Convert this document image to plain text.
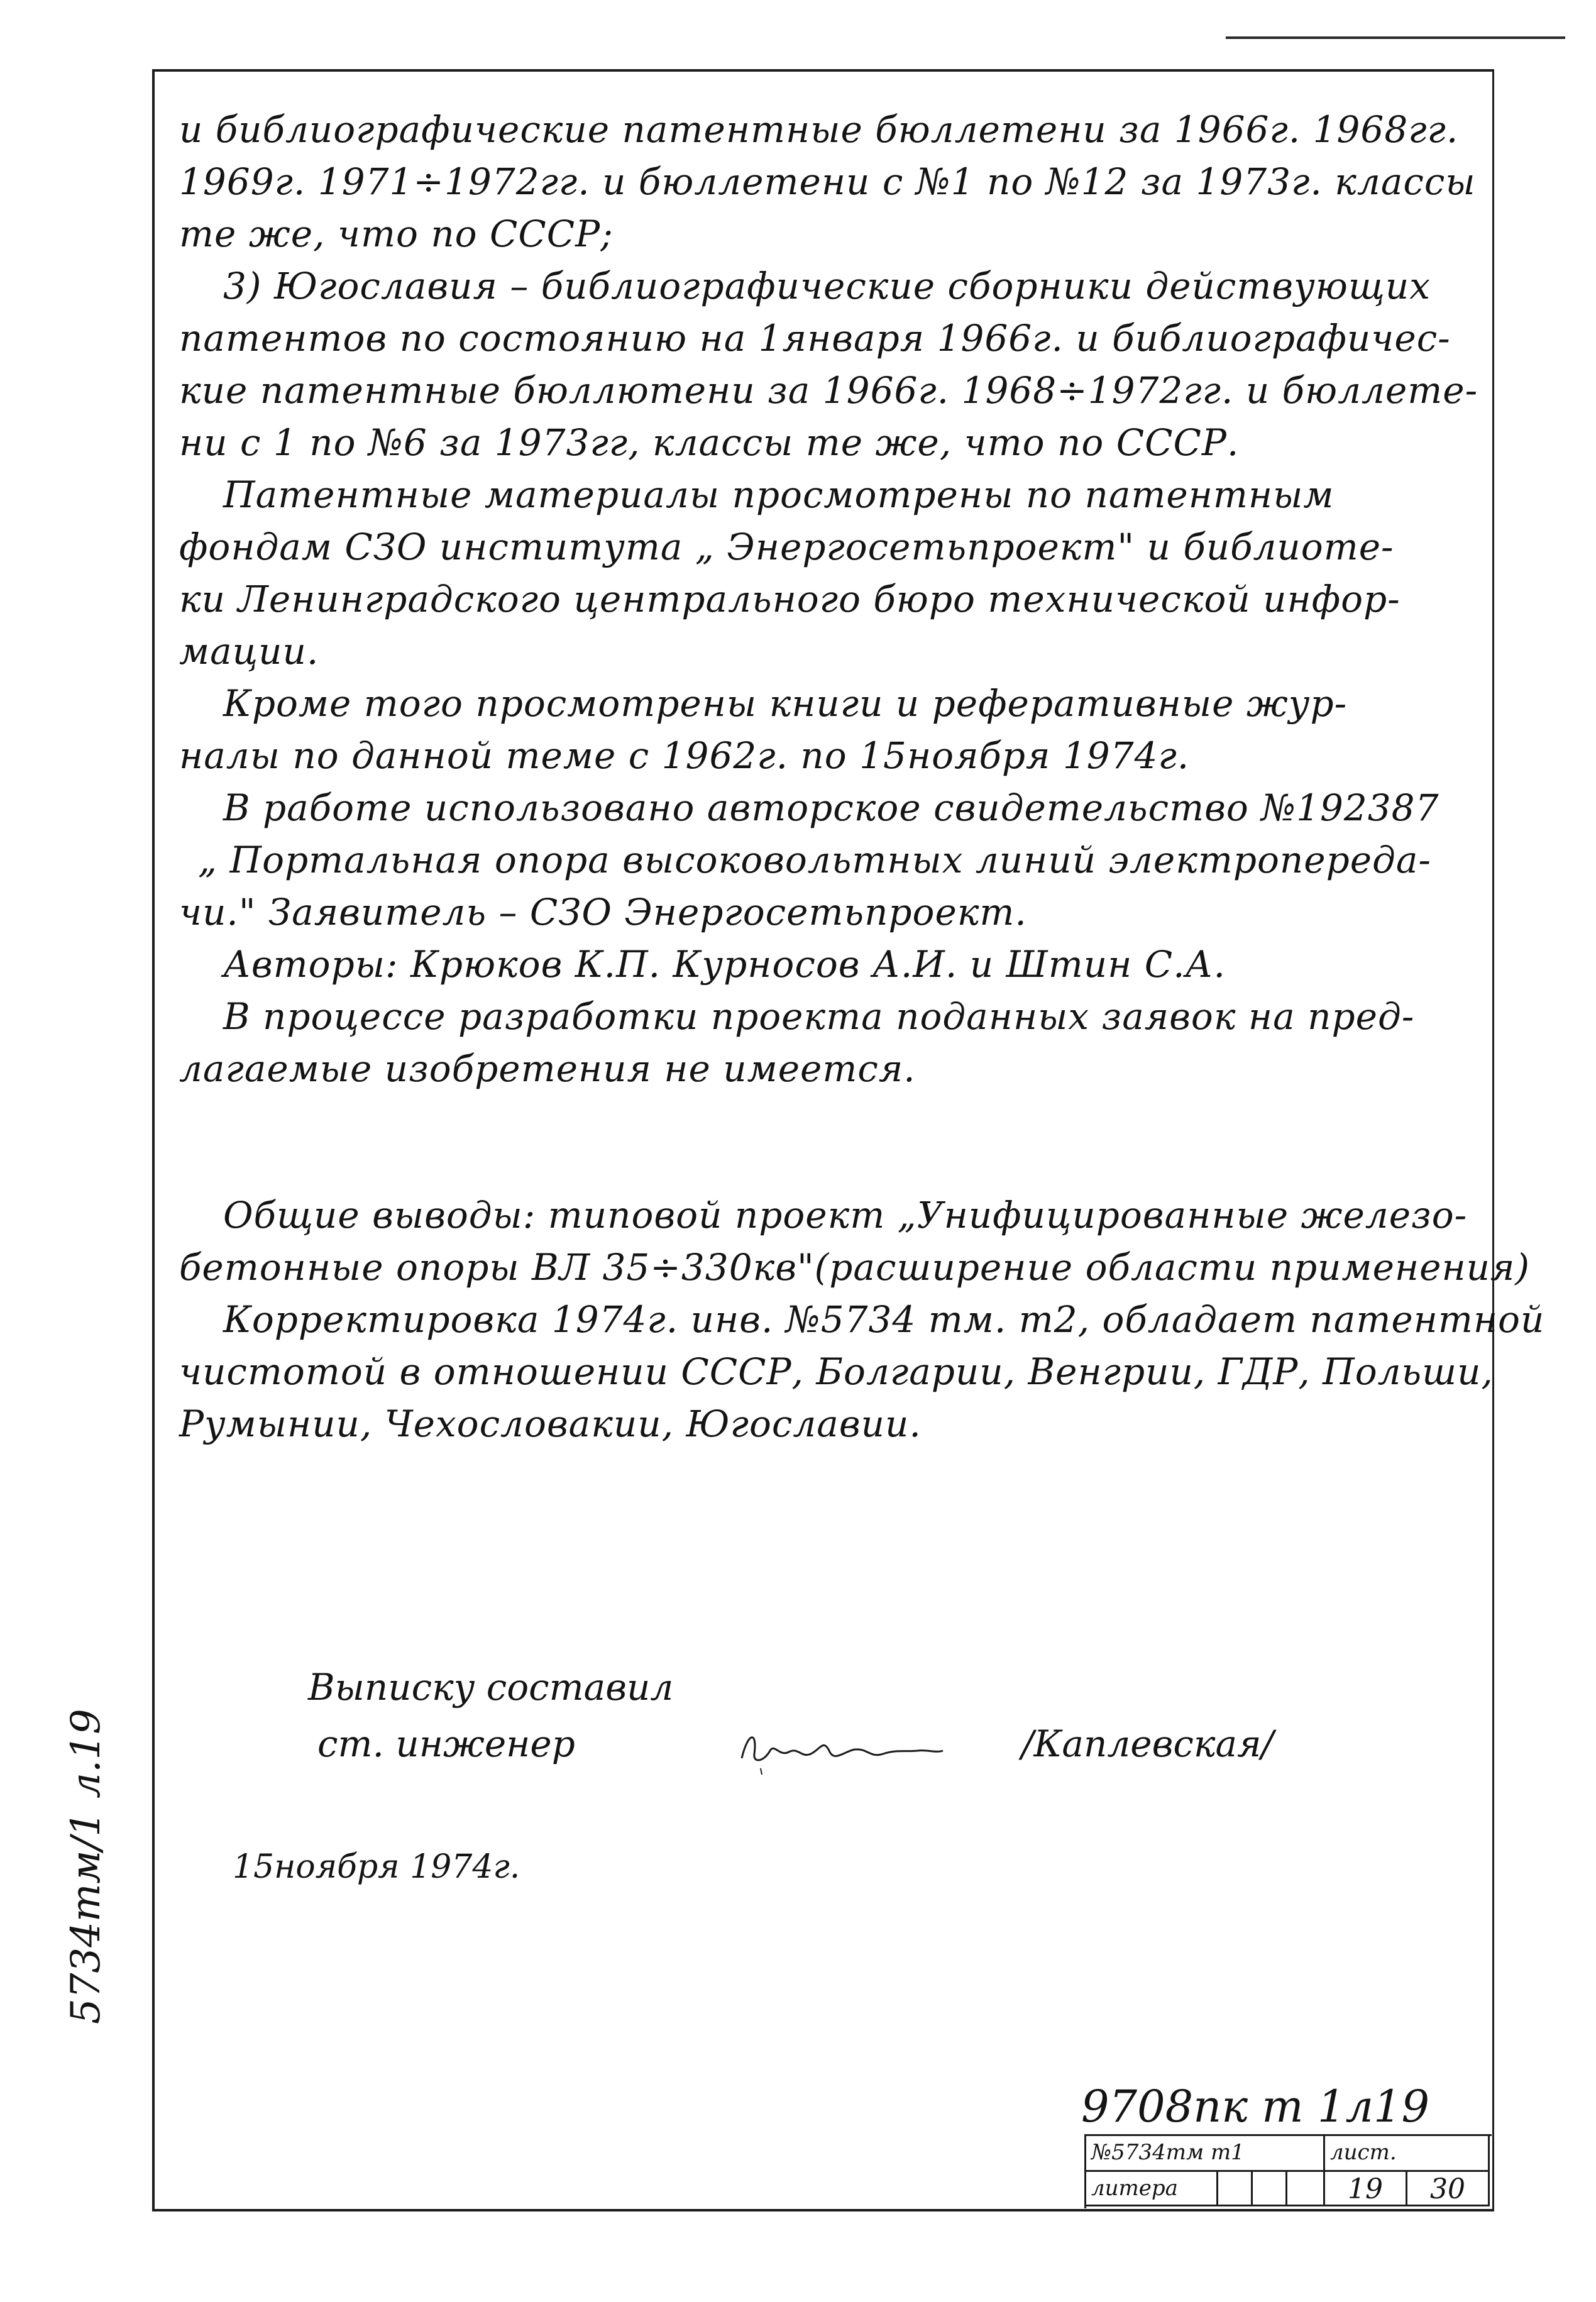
и библиографические патентные бюллетени за 1966г. 1968гг.
1969г. 1971÷1972гг. и бюллетени с №1 по №12 за 1973г. классы
те же, что по СССР;
3) Югославия – библиографические сборники действующих
патентов по состоянию на 1января 1966г. и библиографичес-
кие патентные бюллютени за 1966г. 1968÷1972гг. и бюллете-
ни с 1 по №6 за 1973гг, классы те же, что по СССР.
Патентные материалы просмотрены по патентным
фондам СЗО института „ Энергосетьпроект" и библиоте-
ки Ленинградского центрального бюро технической инфор-
мации.
Кроме того просмотрены книги и реферативные жур-
налы по данной теме с 1962г. по 15ноября 1974г.
В работе использовано авторское свидетельство №192387
„ Портальная опора высоковольтных линий электропереда-
чи." Заявитель – СЗО Энергосетьпроект.
Авторы: Крюков К.П. Курносов А.И. и Штин С.А.
В процессе разработки проекта поданных заявок на пред-
лагаемые изобретения не имеется.
Общие выводы: типовой проект „Унифицированные железо-
бетонные опоры ВЛ 35÷330кв"(расширение области применения)
Корректировка 1974г. инв. №5734 тм. т2, обладает патентной
чистотой в отношении СССР, Болгарии, Венгрии, ГДР, Польши,
Румынии, Чехословакии, Югославии.
Выписку составил
ст. инженер	/Каплевская/
15ноября 1974г.
5734тм/1 л.19
9708пк т 1л19
№5734тм т1	лист.
литера	19	30
